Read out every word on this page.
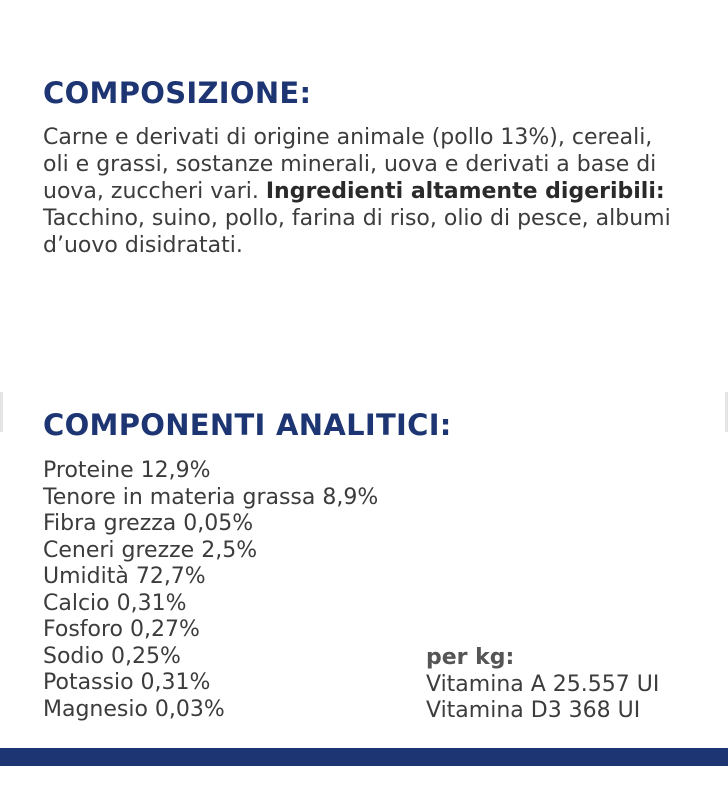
COMPOSIZIONE:

Carne e derivati di origine animale (pollo 13%), cereali, oli e grassi, sostanze minerali, uova e derivati a base di uova, zuccheri vari. Ingredienti altamente digeribili: Tacchino, suino, pollo, farina di riso, olio di pesce, albumi d’uovo disidratati.

COMPONENTI ANALITICI:
Proteine 12,9%
Tenore in materia grassa 8,9%
Fibra grezza 0,05%
Ceneri grezze 2,5%
Umidità 72,7%
Calcio 0,31%
Fosforo 0,27%
Sodio 0,25%
Potassio 0,31%
Magnesio 0,03%
per kg:
Vitamina A 25.557 UI
Vitamina D3 368 UI
